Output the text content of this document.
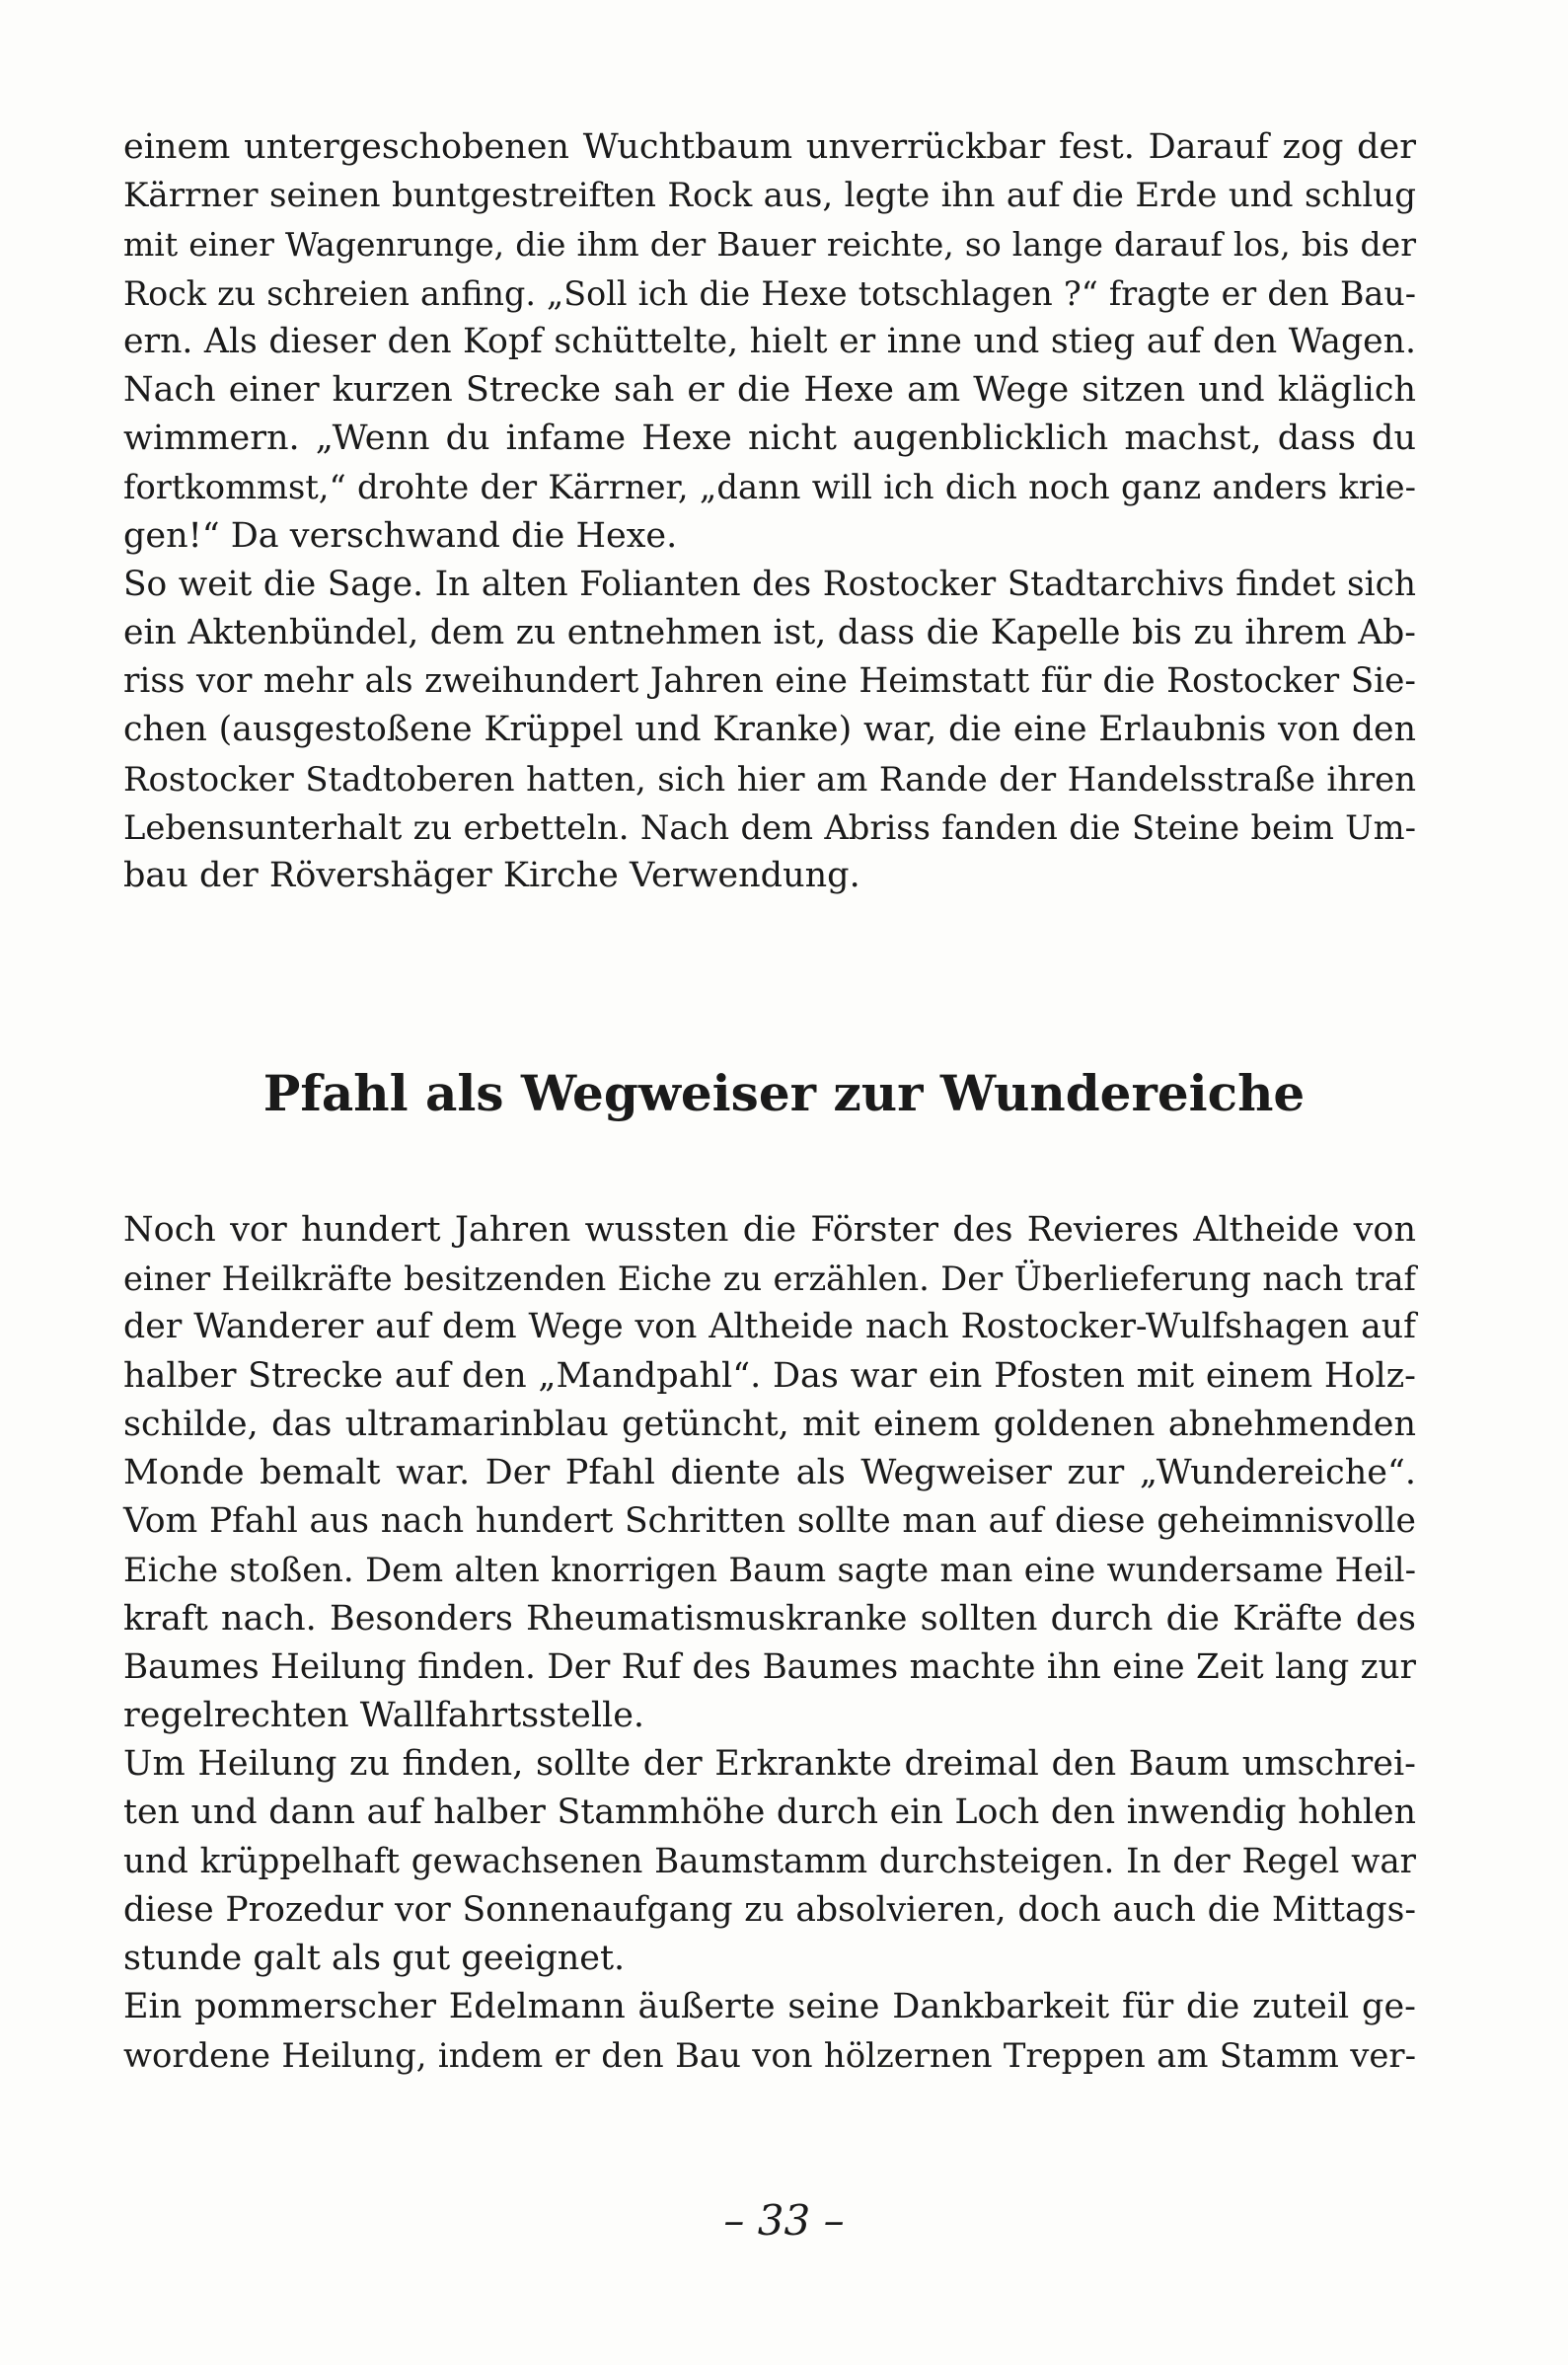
einem untergeschobenen Wuchtbaum unverrückbar fest. Darauf zog der
Kärrner seinen buntgestreiften Rock aus, legte ihn auf die Erde und schlug
mit einer Wagenrunge, die ihm der Bauer reichte, so lange darauf los, bis der
Rock zu schreien anfing. „Soll ich die Hexe totschlagen ?“ fragte er den Bau-
ern. Als dieser den Kopf schüttelte, hielt er inne und stieg auf den Wagen.
Nach einer kurzen Strecke sah er die Hexe am Wege sitzen und kläglich
wimmern. „Wenn du infame Hexe nicht augenblicklich machst, dass du
fortkommst,“ drohte der Kärrner, „dann will ich dich noch ganz anders krie-
gen!“ Da verschwand die Hexe.
So weit die Sage. In alten Folianten des Rostocker Stadtarchivs findet sich
ein Aktenbündel, dem zu entnehmen ist, dass die Kapelle bis zu ihrem Ab-
riss vor mehr als zweihundert Jahren eine Heimstatt für die Rostocker Sie-
chen (ausgestoßene Krüppel und Kranke) war, die eine Erlaubnis von den
Rostocker Stadtoberen hatten, sich hier am Rande der Handelsstraße ihren
Lebensunterhalt zu erbetteln. Nach dem Abriss fanden die Steine beim Um-
bau der Rövershäger Kirche Verwendung.
Pfahl als Wegweiser zur Wundereiche
Noch vor hundert Jahren wussten die Förster des Revieres Altheide von
einer Heilkräfte besitzenden Eiche zu erzählen. Der Überlieferung nach traf
der Wanderer auf dem Wege von Altheide nach Rostocker-Wulfshagen auf
halber Strecke auf den „Mandpahl“. Das war ein Pfosten mit einem Holz-
schilde, das ultramarinblau getüncht, mit einem goldenen abnehmenden
Monde bemalt war. Der Pfahl diente als Wegweiser zur „Wundereiche“.
Vom Pfahl aus nach hundert Schritten sollte man auf diese geheimnisvolle
Eiche stoßen. Dem alten knorrigen Baum sagte man eine wundersame Heil-
kraft nach. Besonders Rheumatismuskranke sollten durch die Kräfte des
Baumes Heilung finden. Der Ruf des Baumes machte ihn eine Zeit lang zur
regelrechten Wallfahrtsstelle.
Um Heilung zu finden, sollte der Erkrankte dreimal den Baum umschrei-
ten und dann auf halber Stammhöhe durch ein Loch den inwendig hohlen
und krüppelhaft gewachsenen Baumstamm durchsteigen. In der Regel war
diese Prozedur vor Sonnenaufgang zu absolvieren, doch auch die Mittags-
stunde galt als gut geeignet.
Ein pommerscher Edelmann äußerte seine Dankbarkeit für die zuteil ge-
wordene Heilung, indem er den Bau von hölzernen Treppen am Stamm ver-
– 33 –
